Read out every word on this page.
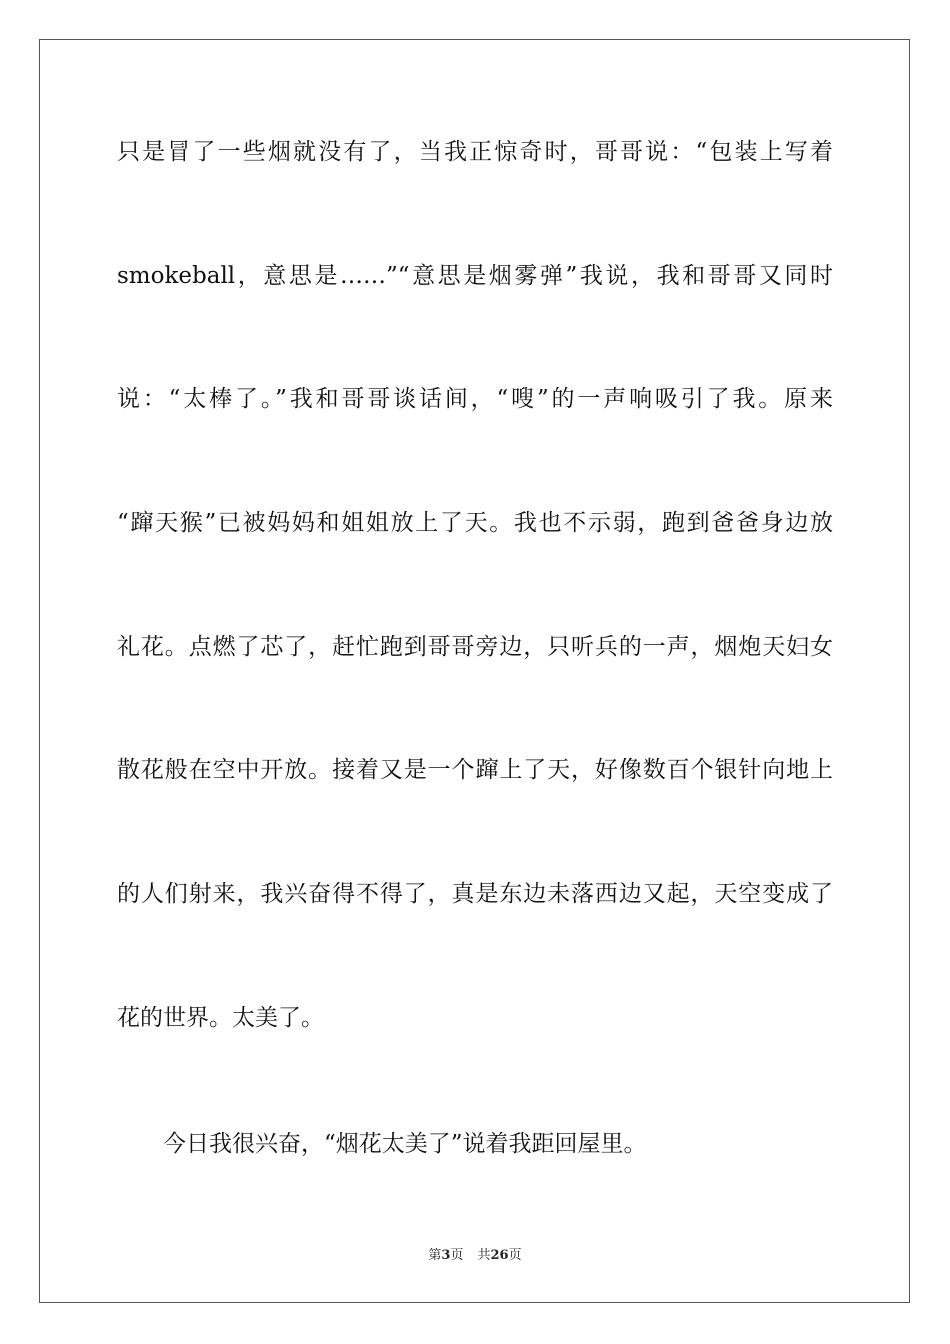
只是冒了一些烟就没有了，当我正惊奇时，哥哥说：“包装上写着
smokeball，意思是……”“意思是烟雾弹”我说，我和哥哥又同时
说：“太棒了。”我和哥哥谈话间，“嗖”的一声响吸引了我。原来
“蹿天猴”已被妈妈和姐姐放上了天。我也不示弱，跑到爸爸身边放
礼花。点燃了芯了，赶忙跑到哥哥旁边，只听兵的一声，烟炮天妇女
散花般在空中开放。接着又是一个蹿上了天，好像数百个银针向地上
的人们射来，我兴奋得不得了，真是东边未落西边又起，天空变成了
花的世界。太美了。
今日我很兴奋，“烟花太美了”说着我距回屋里。
第3页 共26页
